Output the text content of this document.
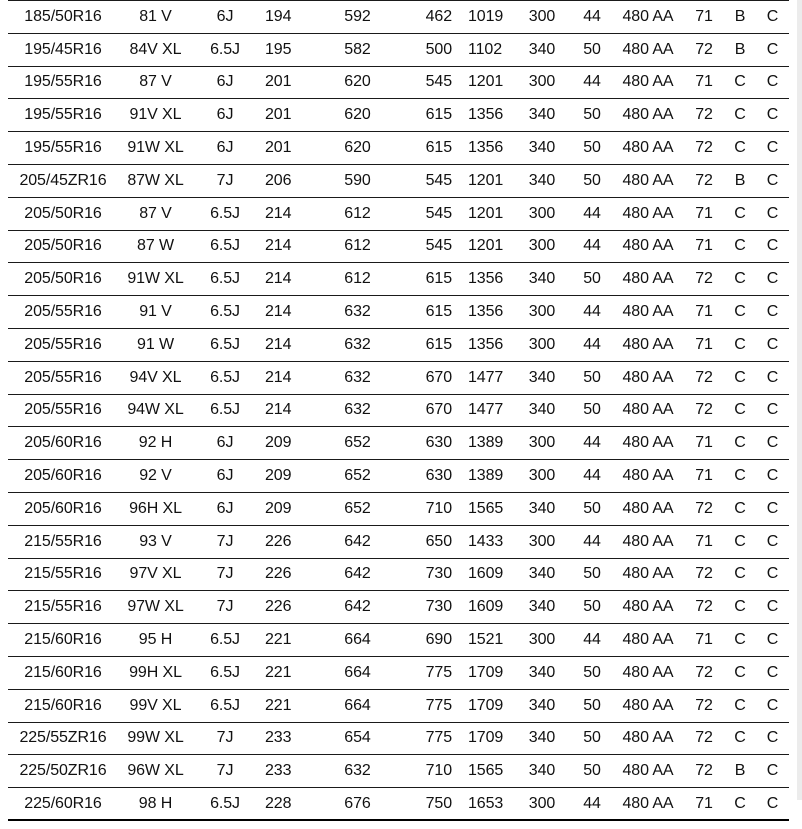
185/50R16	81 V	6J	194	592	462	1019	300	44	480 AA	71	B	C
195/45R16	84V XL	6.5J	195	582	500	1102	340	50	480 AA	72	B	C
195/55R16	87 V	6J	201	620	545	1201	300	44	480 AA	71	C	C
195/55R16	91V XL	6J	201	620	615	1356	340	50	480 AA	72	C	C
195/55R16	91W XL	6J	201	620	615	1356	340	50	480 AA	72	C	C
205/45ZR16	87W XL	7J	206	590	545	1201	340	50	480 AA	72	B	C
205/50R16	87 V	6.5J	214	612	545	1201	300	44	480 AA	71	C	C
205/50R16	87 W	6.5J	214	612	545	1201	300	44	480 AA	71	C	C
205/50R16	91W XL	6.5J	214	612	615	1356	340	50	480 AA	72	C	C
205/55R16	91 V	6.5J	214	632	615	1356	300	44	480 AA	71	C	C
205/55R16	91 W	6.5J	214	632	615	1356	300	44	480 AA	71	C	C
205/55R16	94V XL	6.5J	214	632	670	1477	340	50	480 AA	72	C	C
205/55R16	94W XL	6.5J	214	632	670	1477	340	50	480 AA	72	C	C
205/60R16	92 H	6J	209	652	630	1389	300	44	480 AA	71	C	C
205/60R16	92 V	6J	209	652	630	1389	300	44	480 AA	71	C	C
205/60R16	96H XL	6J	209	652	710	1565	340	50	480 AA	72	C	C
215/55R16	93 V	7J	226	642	650	1433	300	44	480 AA	71	C	C
215/55R16	97V XL	7J	226	642	730	1609	340	50	480 AA	72	C	C
215/55R16	97W XL	7J	226	642	730	1609	340	50	480 AA	72	C	C
215/60R16	95 H	6.5J	221	664	690	1521	300	44	480 AA	71	C	C
215/60R16	99H XL	6.5J	221	664	775	1709	340	50	480 AA	72	C	C
215/60R16	99V XL	6.5J	221	664	775	1709	340	50	480 AA	72	C	C
225/55ZR16	99W XL	7J	233	654	775	1709	340	50	480 AA	72	C	C
225/50ZR16	96W XL	7J	233	632	710	1565	340	50	480 AA	72	B	C
225/60R16	98 H	6.5J	228	676	750	1653	300	44	480 AA	71	C	C
